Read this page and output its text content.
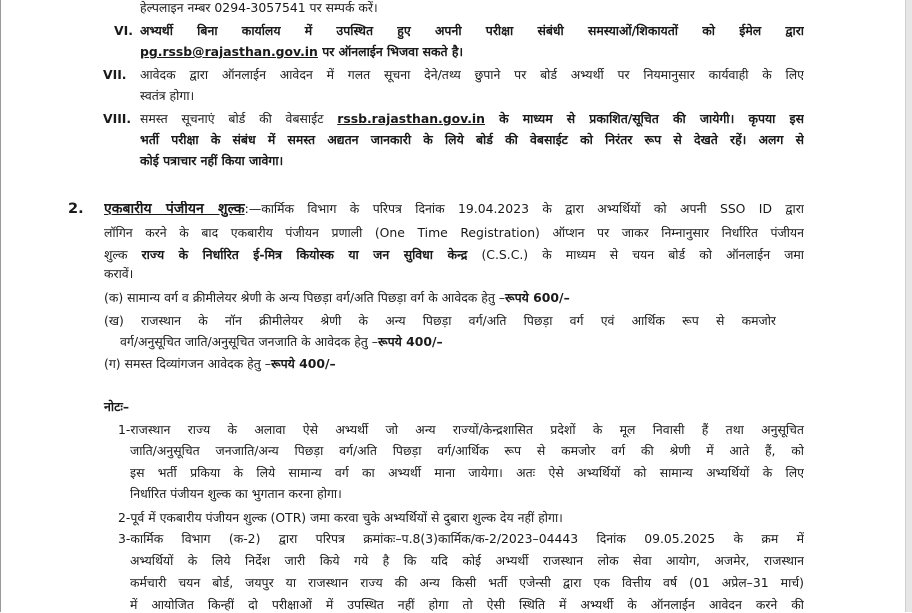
हेल्पलाइन नम्बर 0294-3057541 पर सम्पर्क करें।
VI. अभ्यर्थी बिना कार्यालय में उपस्थित हुए अपनी परीक्षा संबंधी समस्याओं/शिकायतों को ईमेल द्वारा
pg.rssb@rajasthan.gov.in पर ऑनलाईन भिजवा सकते है।
VII. आवेदक द्वारा ऑनलाईन आवेदन में गलत सूचना देने/तथ्य छुपाने पर बोर्ड अभ्यर्थी पर नियमानुसार कार्यवाही के लिए
स्वतंत्र होगा।
VIII. समस्त सूचनाएं बोर्ड की वेबसाईट rssb.rajasthan.gov.in के माध्यम से प्रकाशित/सूचित की जायेगी। कृपया इस
भर्ती परीक्षा के संबंध में समस्त अद्यतन जानकारी के लिये बोर्ड की वेबसाईट को निरंतर रूप से देखते रहें। अलग से
कोई पत्राचार नहीं किया जावेगा।
2. एकबारीय पंजीयन शुल्क:—कार्मिक विभाग के परिपत्र दिनांक 19.04.2023 के द्वारा अभ्यर्थियों को अपनी SSO ID द्वारा
लॉगिन करने के बाद एकबारीय पंजीयन प्रणाली (One Time Registration) ऑप्शन पर जाकर निम्नानुसार निर्धारित पंजीयन
शुल्क राज्य के निर्धारित ई-मित्र कियोस्क या जन सुविधा केन्द्र (C.S.C.) के माध्यम से चयन बोर्ड को ऑनलाईन जमा
करावें।
(क) सामान्य वर्ग व क्रीमीलेयर श्रेणी के अन्य पिछड़ा वर्ग/अति पिछड़ा वर्ग के आवेदक हेतु –रूपये 600/–
(ख) राजस्थान के नॉन क्रीमीलेयर श्रेणी के अन्य पिछड़ा वर्ग/अति पिछड़ा वर्ग एवं आर्थिक रूप से कमजोर
वर्ग/अनुसूचित जाति/अनुसूचित जनजाति के आवेदक हेतु –रूपये 400/–
(ग) समस्त दिव्यांगजन आवेदक हेतु –रूपये 400/–
नोटः–
1-राजस्थान राज्य के अलावा ऐसे अभ्यर्थी जो अन्य राज्यों/केन्द्रशासित प्रदेशों के मूल निवासी हैं तथा अनुसूचित
जाति/अनुसूचित जनजाति/अन्य पिछड़ा वर्ग/अति पिछड़ा वर्ग/आर्थिक रूप से कमजोर वर्ग की श्रेणी में आते हैं, को
इस भर्ती प्रकिया के लिये सामान्य वर्ग का अभ्यर्थी माना जायेगा। अतः ऐसे अभ्यर्थियों को सामान्य अभ्यर्थियों के लिए
निर्धारित पंजीयन शुल्क का भुगतान करना होगा।
2-पूर्व में एकबारीय पंजीयन शुल्क (OTR) जमा करवा चुके अभ्यर्थियों से दुबारा शुल्क देय नहीं होगा।
3-कार्मिक विभाग (क-2) द्वारा परिपत्र क्रमांकः–प.8(3)कार्मिक/क-2/2023–04443 दिनांक 09.05.2025 के क्रम में
अभ्यर्थियों के लिये निर्देश जारी किये गये है कि यदि कोई अभ्यर्थी राजस्थान लोक सेवा आयोग, अजमेर, राजस्थान
कर्मचारी चयन बोर्ड, जयपुर या राजस्थान राज्य की अन्य किसी भर्ती एजेन्सी द्वारा एक वित्तीय वर्ष (01 अप्रेल–31 मार्च)
में आयोजित किन्हीं दो परीक्षाओं में उपस्थित नहीं होगा तो ऐसी स्थिति में अभ्यर्थी के ऑनलाईन आवेदन करने की
